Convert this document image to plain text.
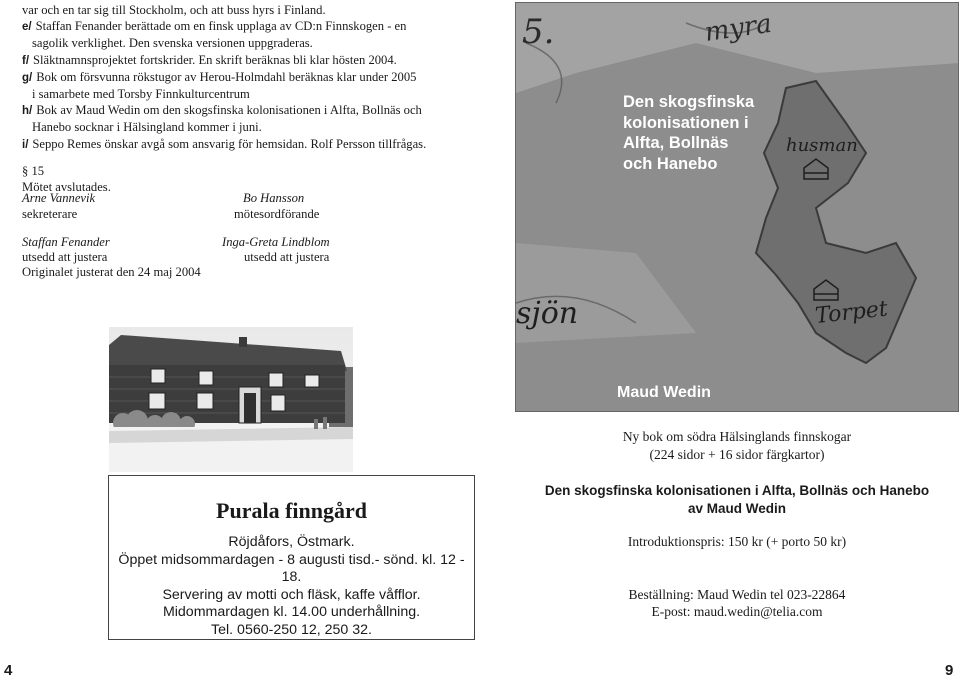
var och en tar sig till Stockholm, och att buss hyrs i Finland.
e/ Staffan Fenander berättade om en finsk upplaga av CD:n Finnskogen - en
sagolik verklighet. Den svenska versionen uppgraderas.
f/ Släktnamnsprojektet fortskrider. En skrift beräknas bli klar hösten 2004.
g/ Bok om försvunna rökstugor av Herou-Holmdahl beräknas klar under 2005
i samarbete med Torsby Finnkulturcentrum
h/ Bok av Maud Wedin om den skogsfinska kolonisationen i Alfta, Bollnäs och
Hanebo socknar i Hälsingland kommer i juni.
i/ Seppo Remes önskar avgå som ansvarig för hemsidan. Rolf Persson tillfrågas.
§ 15
Mötet avslutades.
Arne Vannevik
sekreterare
Bo Hansson
mötesordförande
Staffan Fenander
utsedd att justera
Inga-Greta Lindblom
utsedd att justera
Originalet justerat den 24 maj 2004
Purala finngård
Röjdåfors, Östmark.
Öppet midsommardagen - 8 augusti tisd.- sönd. kl. 12 - 18.
Servering av motti och fläsk, kaffe våfflor.
Midommardagen kl. 14.00 underhållning.
Tel. 0560-250 12, 250 32.
4
5.	myra
husman
Torpet
sjön
Den skogsfinska
kolonisationen i
Alfta, Bollnäs
och Hanebo
Maud Wedin
Ny bok om södra Hälsinglands finnskogar
(224 sidor + 16 sidor färgkartor)
Den skogsfinska kolonisationen i Alfta, Bollnäs och Hanebo
av Maud Wedin
Introduktionspris: 150 kr (+ porto 50 kr)
Beställning: Maud Wedin tel 023-22864
E-post: maud.wedin@telia.com
9
